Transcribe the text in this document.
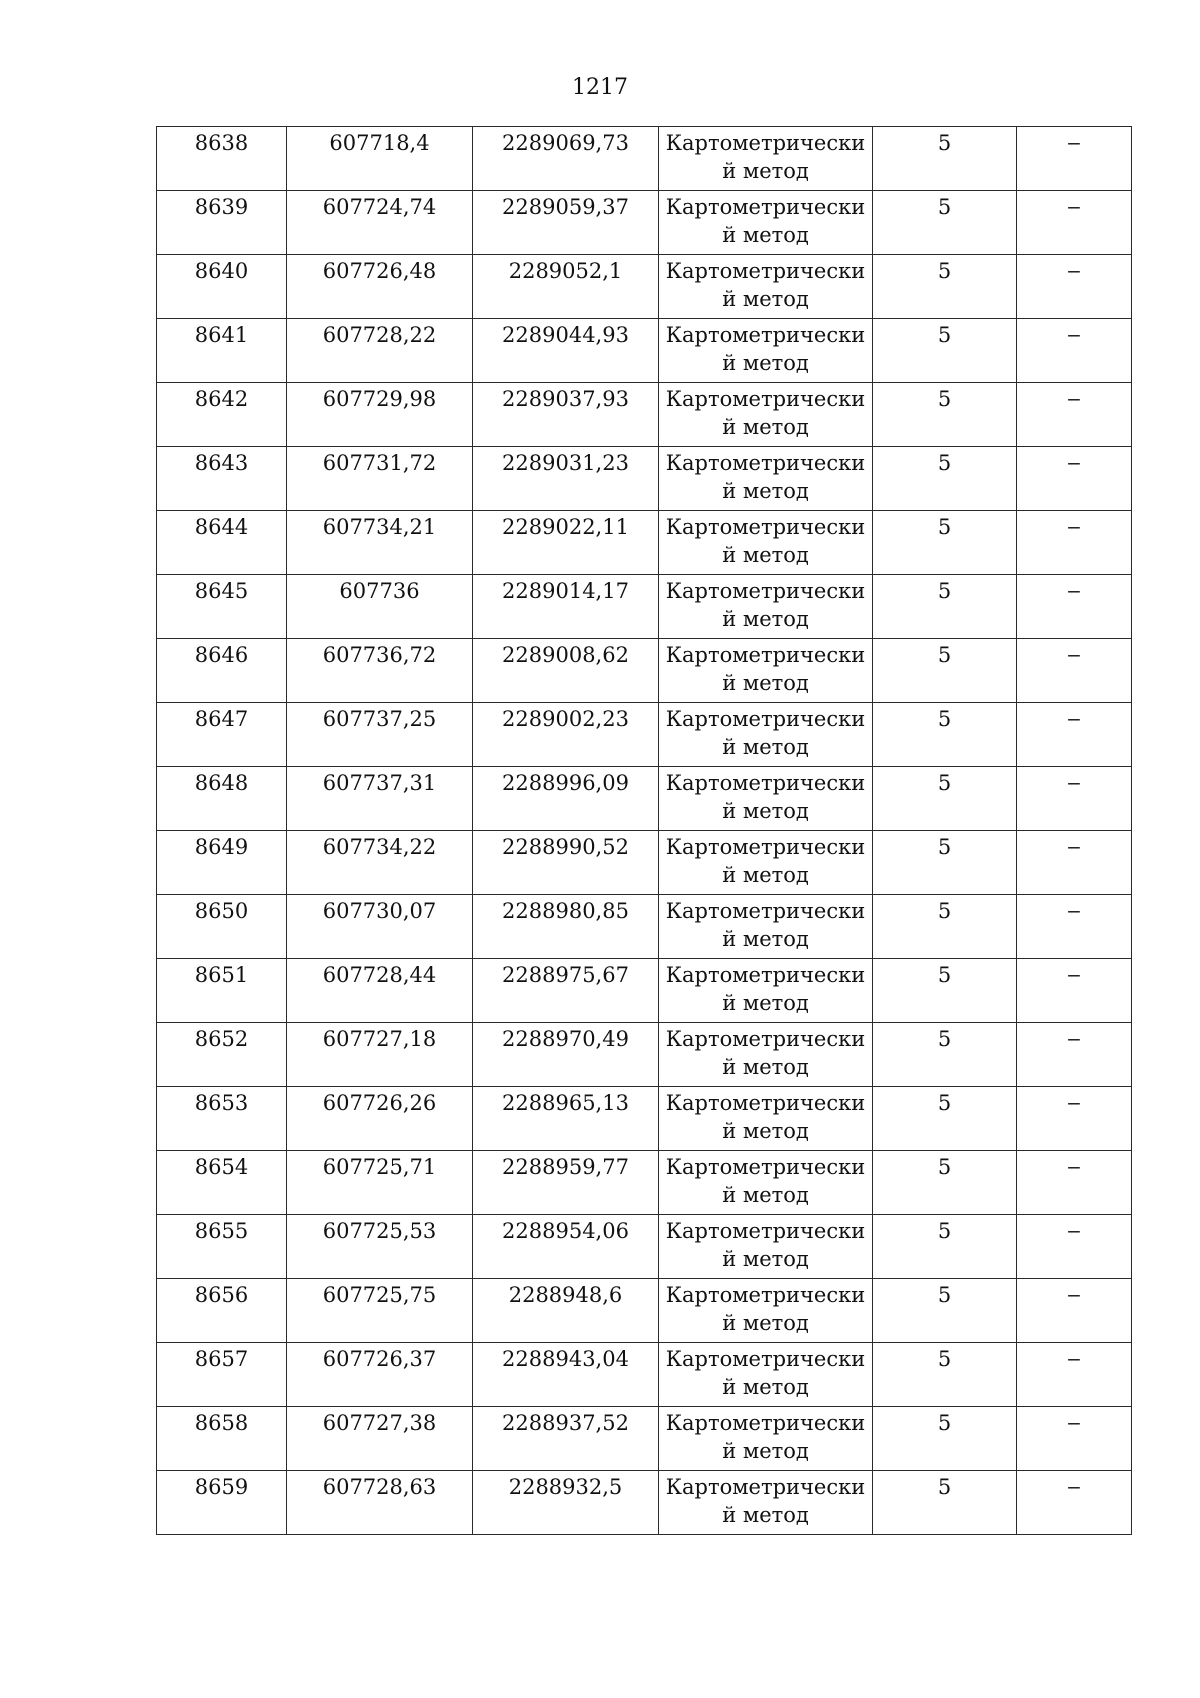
1217
8638	607718,4	2289069,73	Картометрический метод	5	–
8639	607724,74	2289059,37	Картометрический метод	5	–
8640	607726,48	2289052,1	Картометрический метод	5	–
8641	607728,22	2289044,93	Картометрический метод	5	–
8642	607729,98	2289037,93	Картометрический метод	5	–
8643	607731,72	2289031,23	Картометрический метод	5	–
8644	607734,21	2289022,11	Картометрический метод	5	–
8645	607736	2289014,17	Картометрический метод	5	–
8646	607736,72	2289008,62	Картометрический метод	5	–
8647	607737,25	2289002,23	Картометрический метод	5	–
8648	607737,31	2288996,09	Картометрический метод	5	–
8649	607734,22	2288990,52	Картометрический метод	5	–
8650	607730,07	2288980,85	Картометрический метод	5	–
8651	607728,44	2288975,67	Картометрический метод	5	–
8652	607727,18	2288970,49	Картометрический метод	5	–
8653	607726,26	2288965,13	Картометрический метод	5	–
8654	607725,71	2288959,77	Картометрический метод	5	–
8655	607725,53	2288954,06	Картометрический метод	5	–
8656	607725,75	2288948,6	Картометрический метод	5	–
8657	607726,37	2288943,04	Картометрический метод	5	–
8658	607727,38	2288937,52	Картометрический метод	5	–
8659	607728,63	2288932,5	Картометрический метод	5	–
